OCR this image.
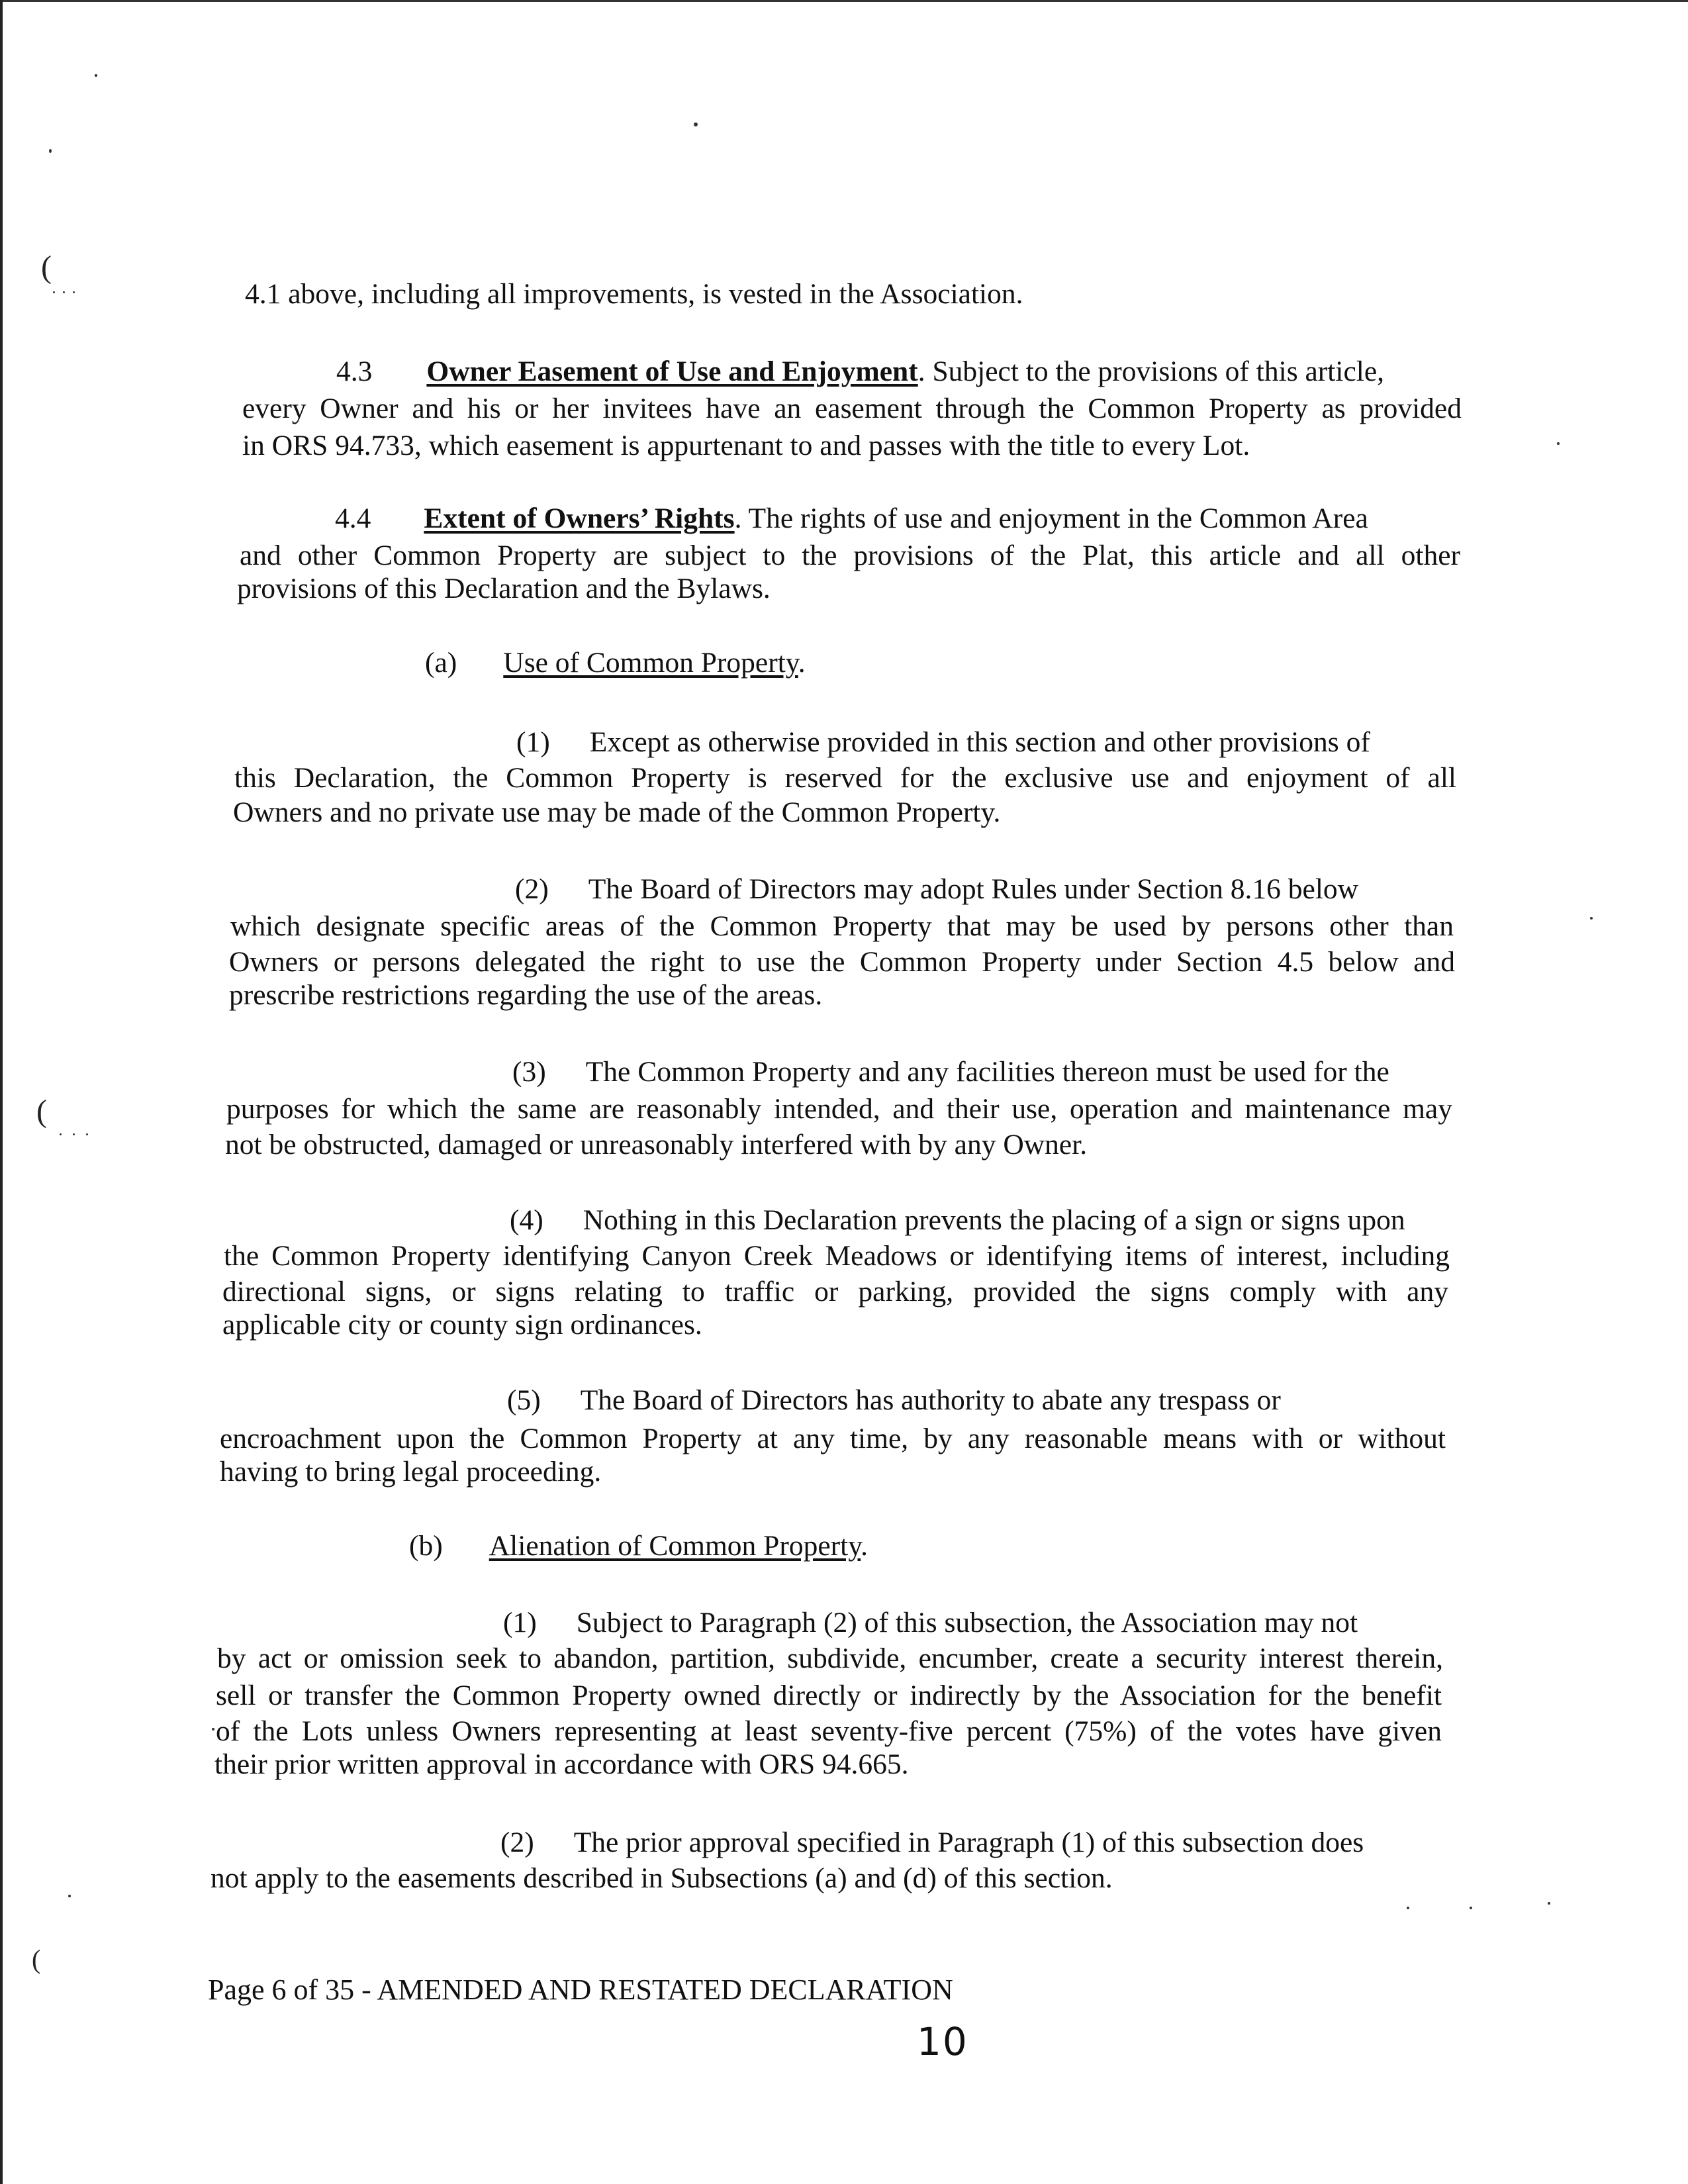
(
(
(
4.1 above, including all improvements, is vested in the Association.
4.3 Owner Easement of Use and Enjoyment. Subject to the provisions of this article,
every Owner and his or her invitees have an easement through the Common Property as provided
in ORS 94.733, which easement is appurtenant to and passes with the title to every Lot.
4.4 Extent of Owners’ Rights. The rights of use and enjoyment in the Common Area
and other Common Property are subject to the provisions of the Plat, this article and all other
provisions of this Declaration and the Bylaws.
(a) Use of Common Property.
(1) Except as otherwise provided in this section and other provisions of
this Declaration, the Common Property is reserved for the exclusive use and enjoyment of all
Owners and no private use may be made of the Common Property.
(2) The Board of Directors may adopt Rules under Section 8.16 below
which designate specific areas of the Common Property that may be used by persons other than
Owners or persons delegated the right to use the Common Property under Section 4.5 below and
prescribe restrictions regarding the use of the areas.
(3) The Common Property and any facilities thereon must be used for the
purposes for which the same are reasonably intended, and their use, operation and maintenance may
not be obstructed, damaged or unreasonably interfered with by any Owner.
(4) Nothing in this Declaration prevents the placing of a sign or signs upon
the Common Property identifying Canyon Creek Meadows or identifying items of interest, including
directional signs, or signs relating to traffic or parking, provided the signs comply with any
applicable city or county sign ordinances.
(5) The Board of Directors has authority to abate any trespass or
encroachment upon the Common Property at any time, by any reasonable means with or without
having to bring legal proceeding.
(b) Alienation of Common Property.
(1) Subject to Paragraph (2) of this subsection, the Association may not
by act or omission seek to abandon, partition, subdivide, encumber, create a security interest therein,
sell or transfer the Common Property owned directly or indirectly by the Association for the benefit
of the Lots unless Owners representing at least seventy-five percent (75%) of the votes have given
their prior written approval in accordance with ORS 94.665.
(2) The prior approval specified in Paragraph (1) of this subsection does
not apply to the easements described in Subsections (a) and (d) of this section.
Page 6 of 35 - AMENDED AND RESTATED DECLARATION
10
